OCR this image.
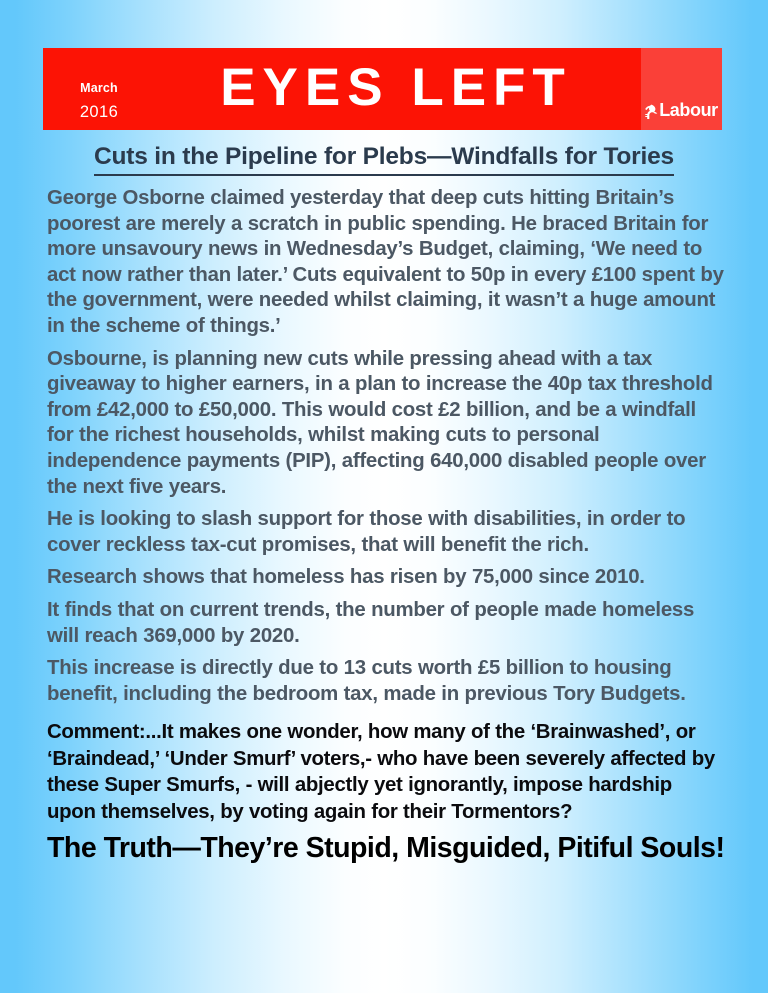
March
2016	EYES LEFT	Labour
Cuts in the Pipeline for Plebs—Windfalls for Tories

George Osborne claimed yesterday that deep cuts hitting Britain’s poorest are merely a scratch in public spending. He braced Britain for more unsavoury news in Wednesday’s Budget, claiming, ‘We need to act now rather than later.’ Cuts equivalent to 50p in every £100 spent by the government, were needed whilst claiming, it wasn’t a huge amount in the scheme of things.’

Osbourne, is planning new cuts while pressing ahead with a tax giveaway to higher earners, in a plan to increase the 40p tax threshold from £42,000 to £50,000. This would cost £2 billion, and be a windfall for the richest households, whilst making cuts to personal independence payments (PIP), affecting 640,000 disabled people over the next five years.

He is looking to slash support for those with disabilities, in order to cover reckless tax-cut promises, that will benefit the rich.

Research shows that homeless has risen by 75,000 since 2010.

It finds that on current trends, the number of people made homeless will reach 369,000 by 2020.

This increase is directly due to 13 cuts worth £5 billion to housing benefit, including the bedroom tax, made in previous Tory Budgets.

Comment:...It makes one wonder, how many of the ‘Brainwashed’, or ‘Braindead,’ ‘Under Smurf’ voters,- who have been severely affected by these Super Smurfs, - will abjectly yet ignorantly, impose hardship upon themselves, by voting again for their Tormentors?

The Truth—They’re Stupid, Misguided, Pitiful Souls!
